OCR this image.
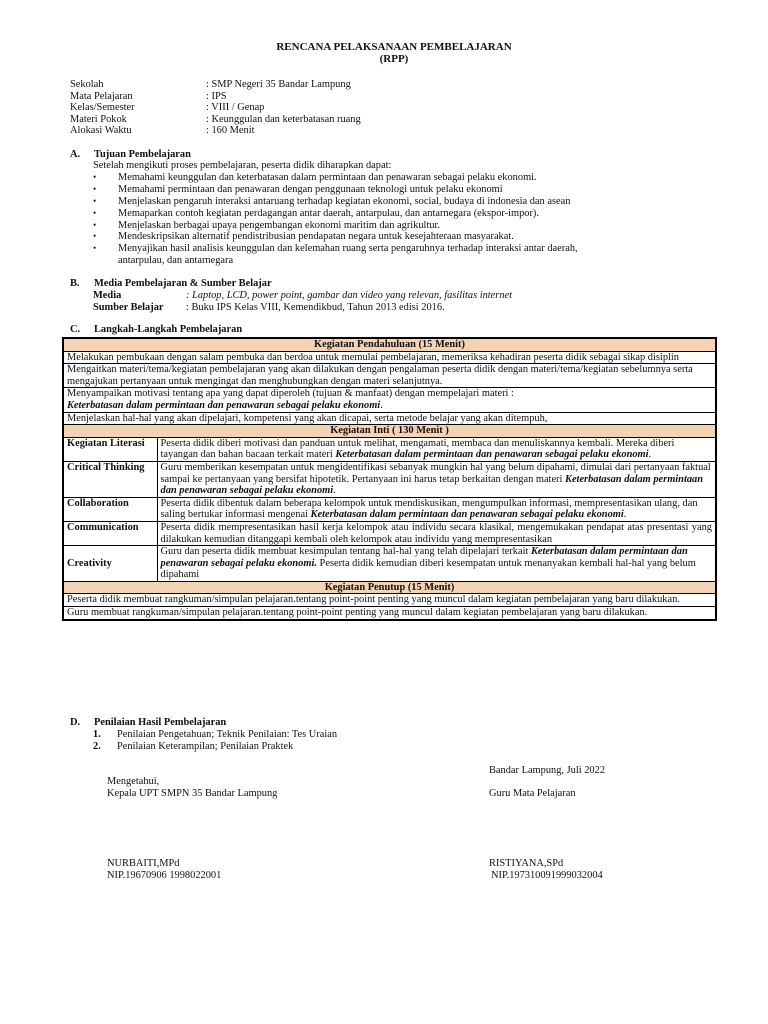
RENCANA PELAKSANAAN PEMBELAJARAN
(RPP)
Sekolah	: SMP Negeri 35 Bandar Lampung
Mata Pelajaran	: IPS
Kelas/Semester	: VIII / Genap
Materi Pokok	: Keunggulan dan keterbatasan ruang
Alokasi Waktu	: 160 Menit
A. Tujuan Pembelajaran
Setelah mengikuti proses pembelajaran, peserta didik diharapkan dapat:
•	Memahami keunggulan dan keterbatasan dalam permintaan dan penawaran sebagai pelaku ekonomi.
•	Memahami permintaan dan penawaran dengan penggunaan teknologi untuk pelaku ekonomi
•	Menjelaskan pengaruh interaksi antaruang terhadap kegiatan ekonomi, social, budaya di indonesia dan asean
•	Memaparkan contoh kegiatan perdagangan antar daerah, antarpulau, dan antarnegara (ekspor-impor).
•	Menjelaskan berbagai upaya pengembangan ekonomi maritim dan agrikultur.
•	Mendeskripsikan alternatif pendistribusian pendapatan negara untuk kesejahteraan masyarakat.
•	Menyajikan hasil analisis keunggulan dan kelemahan ruang serta pengaruhnya terhadap interaksi antar daerah,
antarpulau, dan antarnegara
B. Media Pembelajaran & Sumber Belajar
Media	: Laptop, LCD, power point, gambar dan video yang relevan, fasilitas internet
Sumber Belajar	: Buku IPS Kelas VIII, Kemendikbud, Tahun 2013 edisi 2016.
C. Langkah-Langkah Pembelajaran
Kegiatan Pendahuluan (15 Menit)	
Melakukan pembukaan dengan salam pembuka dan berdoa untuk memulai pembelajaran, memeriksa kehadiran peserta didik sebagai sikap disiplin	
Mengaitkan materi/tema/kegiatan pembelajaran yang akan dilakukan dengan pengalaman peserta didik dengan materi/tema/kegiatan sebelumnya serta mengajukan pertanyaan untuk mengingat dan menghubungkan dengan materi selanjutnya.	
Menyampaikan motivasi tentang apa yang dapat diperoleh (tujuan & manfaat) dengan mempelajari materi :
Keterbatasan dalam permintaan dan penawaran sebagai pelaku ekonomi.	
Menjelaskan hal-hal yang akan dipelajari, kompetensi yang akan dicapai, serta metode belajar yang akan ditempuh,	
Kegiatan Inti ( 130 Menit )	
Kegiatan Literasi	Peserta didik diberi motivasi dan panduan untuk melihat, mengamati, membaca dan menuliskannya kembali. Mereka diberi tayangan dan bahan bacaan terkait materi Keterbatasan dalam permintaan dan penawaran sebagai pelaku ekonomi.
Critical Thinking	Guru memberikan kesempatan untuk mengidentifikasi sebanyak mungkin hal yang belum dipahami, dimulai dari pertanyaan faktual sampai ke pertanyaan yang bersifat hipotetik. Pertanyaan ini harus tetap berkaitan dengan materi Keterbatasan dalam permintaan dan penawaran sebagai pelaku ekonomi.
Collaboration	Peserta didik dibentuk dalam beberapa kelompok untuk mendiskusikan, mengumpulkan informasi, mempresentasikan ulang, dan saling bertukar informasi mengenai Keterbatasan dalam permintaan dan penawaran sebagai pelaku ekonomi.
Communication	Peserta didik mempresentasikan hasil kerja kelompok atau individu secara klasikal, mengemukakan pendapat atas presentasi yang dilakukan kemudian ditanggapi kembali oleh kelompok atau individu yang mempresentasikan
Creativity	Guru dan peserta didik membuat kesimpulan tentang hal-hal yang telah dipelajari terkait Keterbatasan dalam permintaan dan penawaran sebagai pelaku ekonomi. Peserta didik kemudian diberi kesempatan untuk menanyakan kembali hal-hal yang belum dipahami
Kegiatan Penutup (15 Menit)	
Peserta didik membuat rangkuman/simpulan pelajaran.tentang point-point penting yang muncul dalam kegiatan pembelajaran yang baru dilakukan.	
Guru membuat rangkuman/simpulan pelajaran.tentang point-point penting yang muncul dalam kegiatan pembelajaran yang baru dilakukan.	
D. Penilaian Hasil Pembelajaran
1.	Penilaian Pengetahuan; Teknik Penilaian: Tes Uraian
2.	Penilaian Keterampilan; Penilaian Praktek
Bandar Lampung, Juli 2022
Mengetahui,
Kepala UPT SMPN 35 Bandar Lampung	Guru Mata Pelajaran
NURBAITI,MPd
NIP.19670906 1998022001
RISTIYANA,SPd
NIP.197310091999032004
